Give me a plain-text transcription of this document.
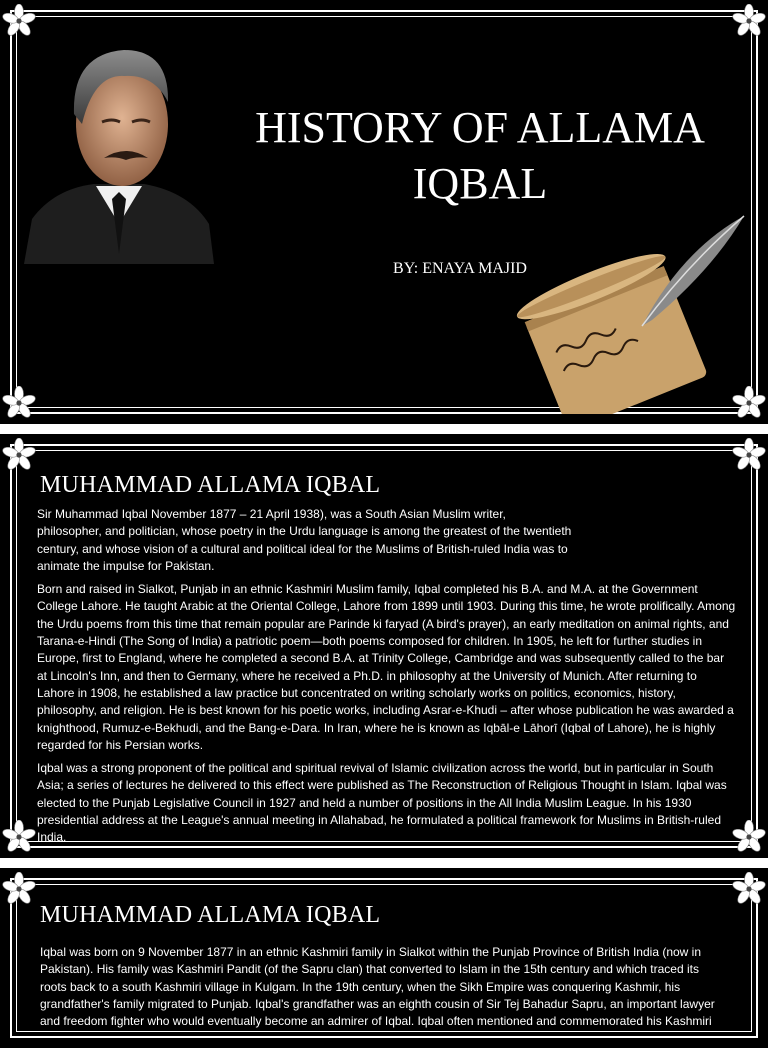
HISTORY OF ALLAMA IQBAL
BY: ENAYA MAJID
MUHAMMAD ALLAMA IQBAL

Sir Muhammad Iqbal November 1877 – 21 April 1938), was a South Asian Muslim writer, philosopher, and politician, whose poetry in the Urdu language is among the greatest of the twentieth century, and whose vision of a cultural and political ideal for the Muslims of British-ruled India was to animate the impulse for Pakistan.

Born and raised in Sialkot, Punjab in an ethnic Kashmiri Muslim family, Iqbal completed his B.A. and M.A. at the Government College Lahore. He taught Arabic at the Oriental College, Lahore from 1899 until 1903. During this time, he wrote prolifically. Among the Urdu poems from this time that remain popular are Parinde ki faryad (A bird's prayer), an early meditation on animal rights, and Tarana-e-Hindi (The Song of India) a patriotic poem—both poems composed for children. In 1905, he left for further studies in Europe, first to England, where he completed a second B.A. at Trinity College, Cambridge and was subsequently called to the bar at Lincoln's Inn, and then to Germany, where he received a Ph.D. in philosophy at the University of Munich. After returning to Lahore in 1908, he established a law practice but concentrated on writing scholarly works on politics, economics, history, philosophy, and religion. He is best known for his poetic works, including Asrar-e-Khudi – after whose publication he was awarded a knighthood, Rumuz-e-Bekhudi, and the Bang-e-Dara. In Iran, where he is known as Iqbāl-e Lāhorī (Iqbal of Lahore), he is highly regarded for his Persian works.

Iqbal was a strong proponent of the political and spiritual revival of Islamic civilization across the world, but in particular in South Asia; a series of lectures he delivered to this effect were published as The Reconstruction of Religious Thought in Islam. Iqbal was elected to the Punjab Legislative Council in 1927 and held a number of positions in the All India Muslim League. In his 1930 presidential address at the League's annual meeting in Allahabad, he formulated a political framework for Muslims in British-ruled India.

MUHAMMAD ALLAMA IQBAL

Iqbal was born on 9 November 1877 in an ethnic Kashmiri family in Sialkot within the Punjab Province of British India (now in Pakistan). His family was Kashmiri Pandit (of the Sapru clan) that converted to Islam in the 15th century and which traced its roots back to a south Kashmiri village in Kulgam. In the 19th century, when the Sikh Empire was conquering Kashmir, his grandfather's family migrated to Punjab. Iqbal's grandfather was an eighth cousin of Sir Tej Bahadur Sapru, an important lawyer and freedom fighter who would eventually become an admirer of Iqbal. Iqbal often mentioned and commemorated his Kashmiri
